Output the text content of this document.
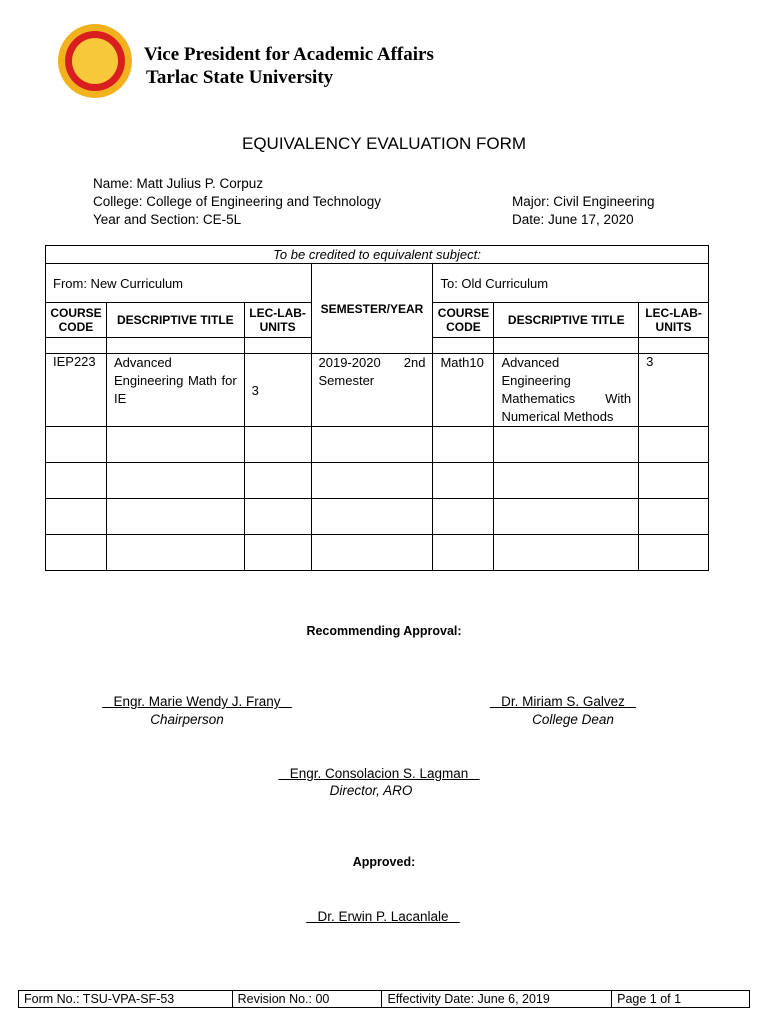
Vice President for Academic Affairs
Tarlac State University
EQUIVALENCY EVALUATION FORM
Name: Matt Julius P. Corpuz
College: College of Engineering and Technology
Year and Section: CE-5L
Major: Civil Engineering
Date: June 17, 2020
To be credited to equivalent subject:						
From: New Curriculum			SEMESTER/YEAR	To: Old Curriculum		
COURSE CODE	DESCRIPTIVE TITLE	LEC-LAB-UNITS		COURSE CODE	DESCRIPTIVE TITLE	LEC-LAB-UNITS

IEP223	Advanced Engineering Math for IE	3	2019-2020 2nd Semester	Math10	Advanced Engineering Mathematics With Numerical Methods	3

Recommending Approval:
Engr. Marie Wendy J. Frany
Chairperson
Dr. Miriam S. Galvez
College Dean
Engr. Consolacion S. Lagman
Director, ARO
Approved:
Dr. Erwin P. Lacanlale
Form No.: TSU-VPA-SF-53	Revision No.: 00	Effectivity Date: June 6, 2019	Page 1 of 1
